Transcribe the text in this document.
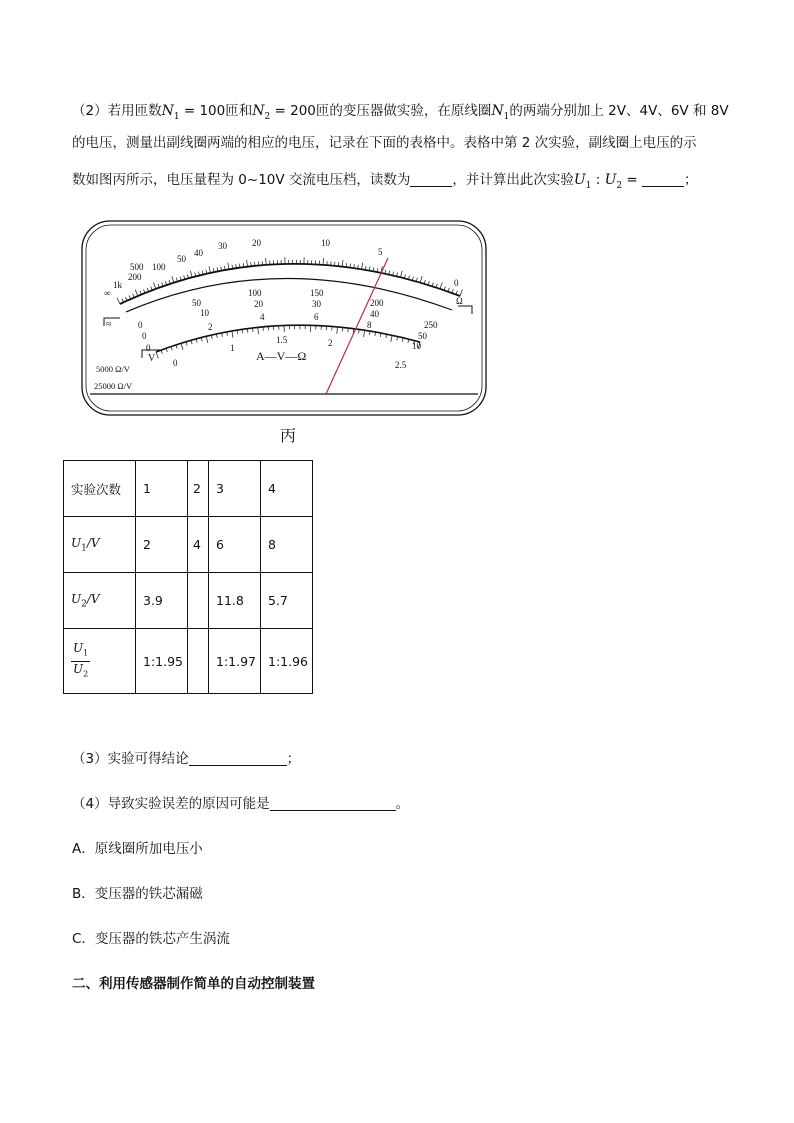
（2）若用匝数$N_1 = 100$匝和$N_2 = 200$匝的变压器做实验，在原线圈$N_1$的两端分别加上 2V、4V、6V 和 8V
的电压，测量出副线圈两端的相应的电压，记录在下面的表格中。表格中第 2 次实验，副线圈上电压的示
数如图丙所示，电压量程为 0~10V 交流电压档，读数为	，并计算出此次实验$U_1$ : $U_2$ =	；
∞
1k
200
500 100
50
40
30	20	10
5
0
0
50
100	150
200
250
0
10
20	30
40
50
0
2
4	6
8
10
0
1
1.5	2
2.5
≈
V
Ω
A—V—Ω
5000 Ω/V
25000 Ω/V
丙
实验次数	1	2	3	4
$U_1/V$	2	4	6	8
$U_2/V$	3.9		11.8	5.7

$\frac{U_1}{U_2}$	1:1.95		1:1.97	1:1.96
（3）实验可得结论	；
（4）导致实验误差的原因可能是	。
A．原线圈所加电压小
B．变压器的铁芯漏磁
C．变压器的铁芯产生涡流
二、利用传感器制作简单的自动控制装置
